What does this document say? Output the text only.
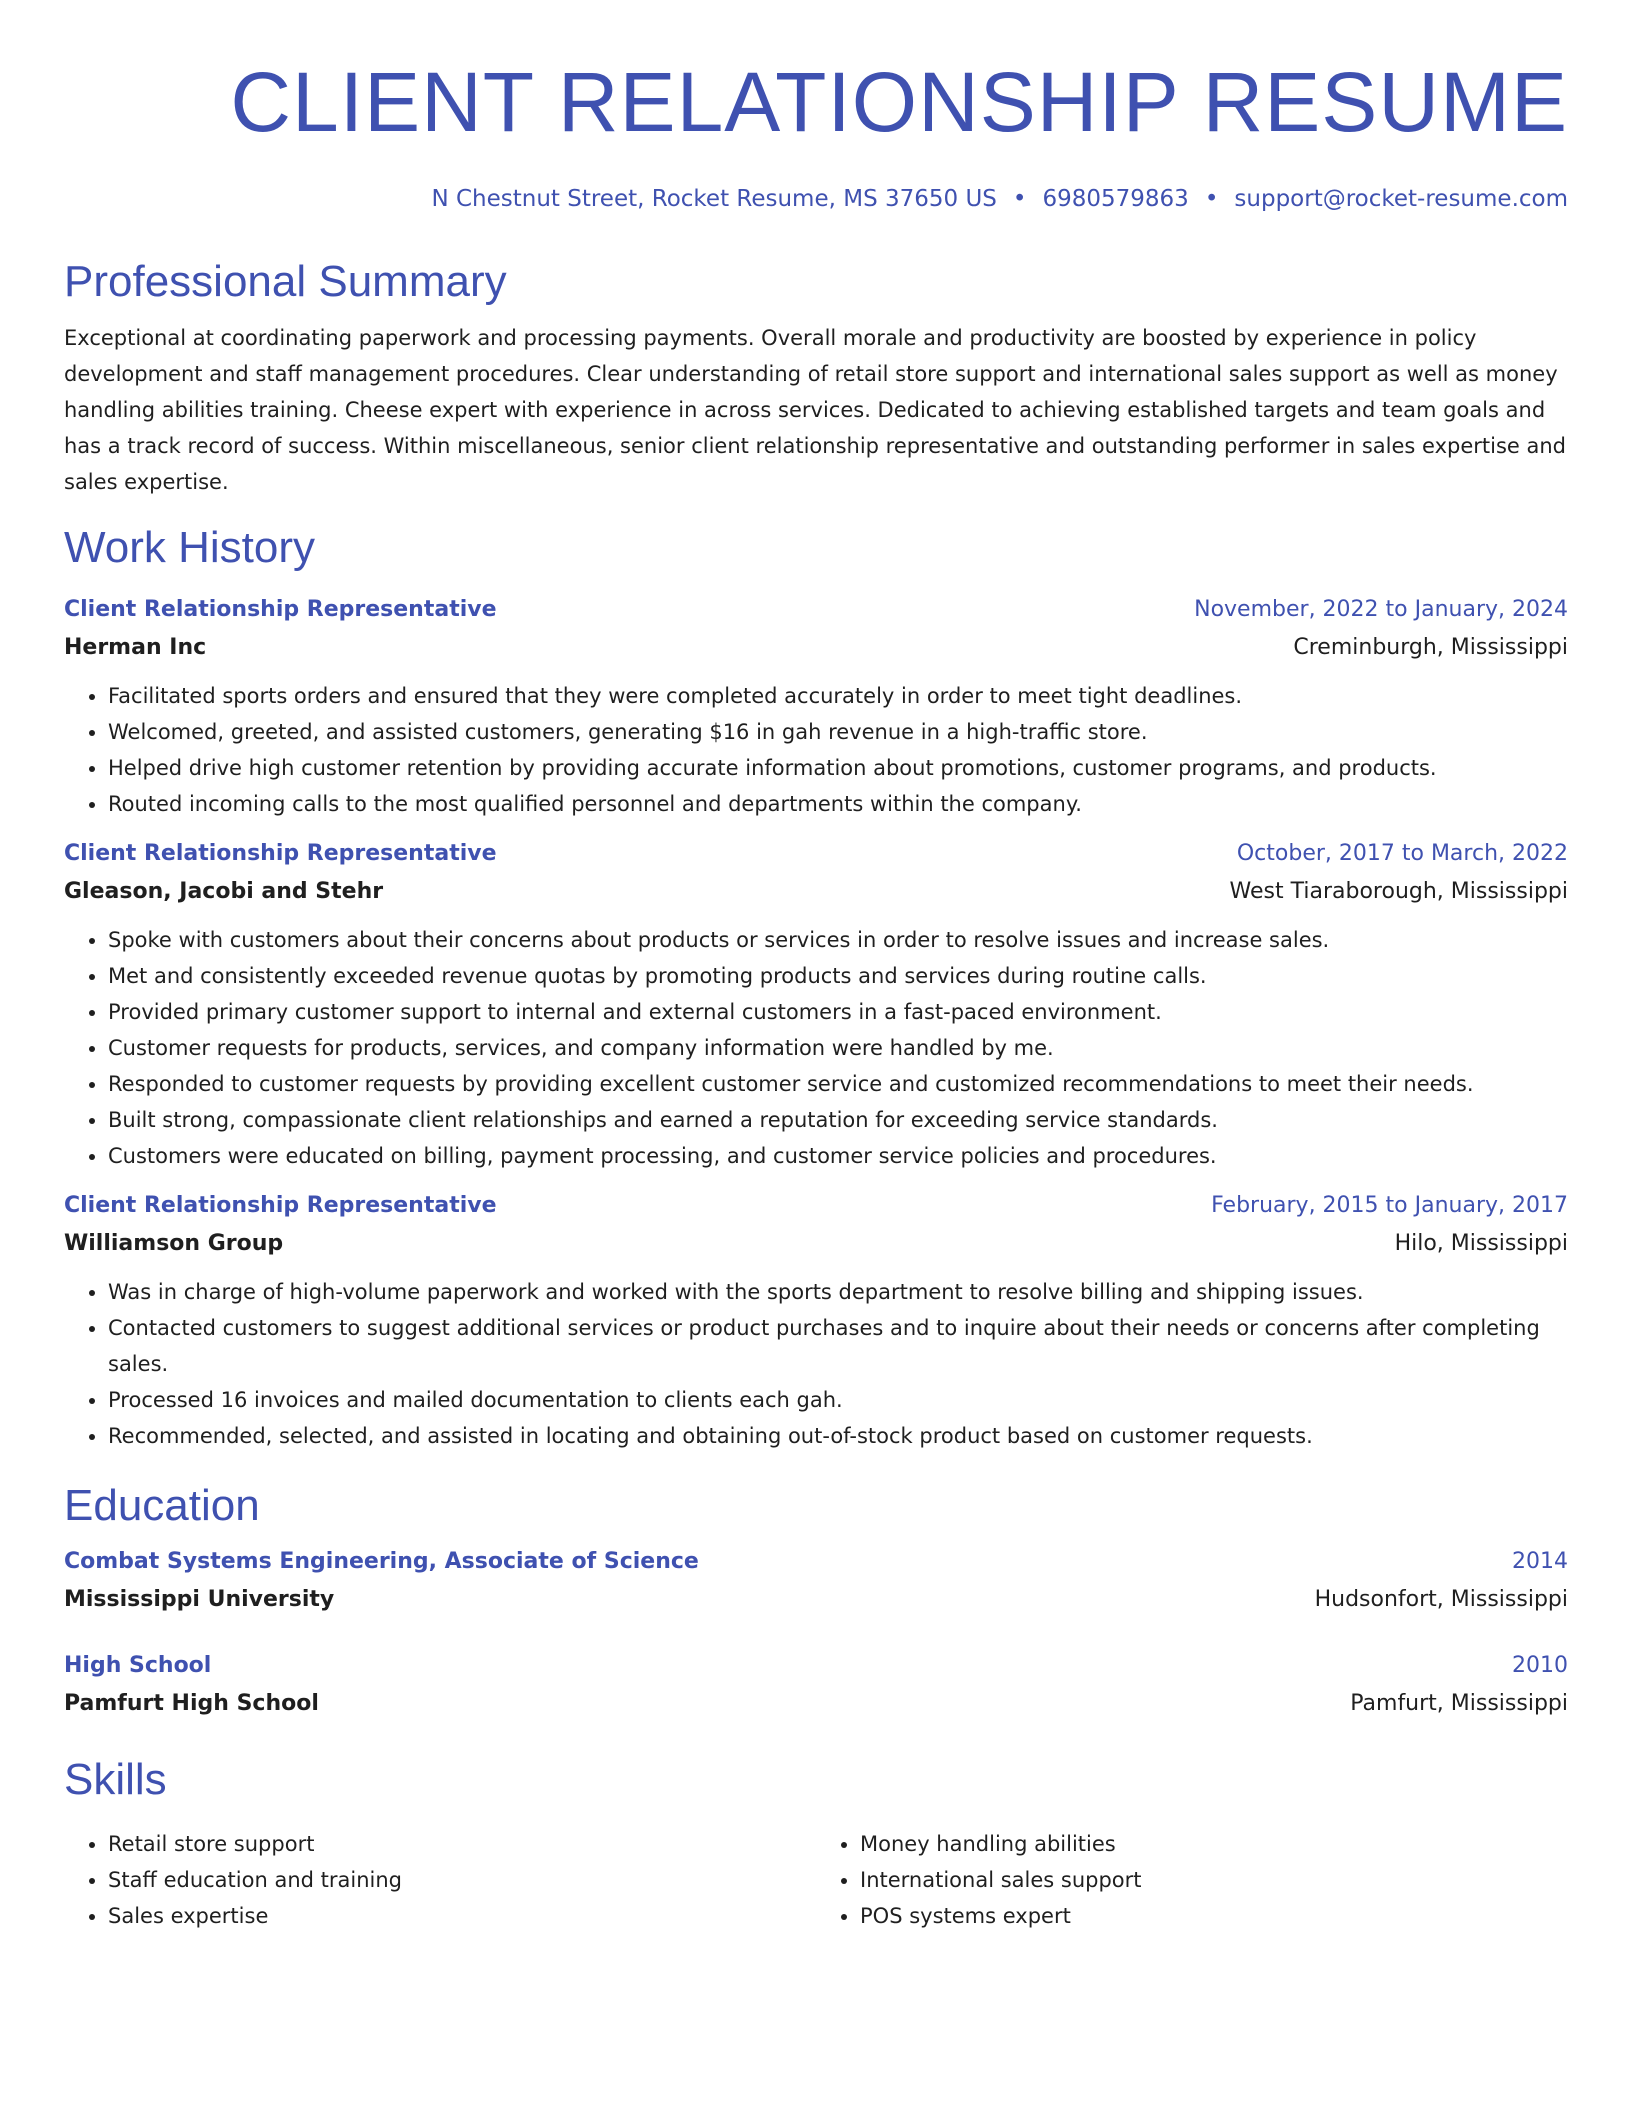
CLIENT RELATIONSHIP RESUME
N Chestnut Street, Rocket Resume, MS 37650 US • 6980579863 • support@rocket-resume.com
Professional Summary
Exceptional at coordinating paperwork and processing payments. Overall morale and productivity are boosted by experience in policy development and staff management procedures. Clear understanding of retail store support and international sales support as well as money handling abilities training. Cheese expert with experience in across services. Dedicated to achieving established targets and team goals and has a track record of success. Within miscellaneous, senior client relationship representative and outstanding performer in sales expertise and sales expertise.
Work History
Client Relationship Representative	November, 2022 to January, 2024
Herman Inc	Creminburgh, Mississippi
• Facilitated sports orders and ensured that they were completed accurately in order to meet tight deadlines.
• Welcomed, greeted, and assisted customers, generating $16 in gah revenue in a high-traffic store.
• Helped drive high customer retention by providing accurate information about promotions, customer programs, and products.
• Routed incoming calls to the most qualified personnel and departments within the company.
Client Relationship Representative	October, 2017 to March, 2022
Gleason, Jacobi and Stehr	West Tiaraborough, Mississippi
• Spoke with customers about their concerns about products or services in order to resolve issues and increase sales.
• Met and consistently exceeded revenue quotas by promoting products and services during routine calls.
• Provided primary customer support to internal and external customers in a fast-paced environment.
• Customer requests for products, services, and company information were handled by me.
• Responded to customer requests by providing excellent customer service and customized recommendations to meet their needs.
• Built strong, compassionate client relationships and earned a reputation for exceeding service standards.
• Customers were educated on billing, payment processing, and customer service policies and procedures.
Client Relationship Representative	February, 2015 to January, 2017
Williamson Group	Hilo, Mississippi
• Was in charge of high-volume paperwork and worked with the sports department to resolve billing and shipping issues.
• Contacted customers to suggest additional services or product purchases and to inquire about their needs or concerns after completing sales.
• Processed 16 invoices and mailed documentation to clients each gah.
• Recommended, selected, and assisted in locating and obtaining out-of-stock product based on customer requests.
Education
Combat Systems Engineering, Associate of Science	2014
Mississippi University	Hudsonfort, Mississippi
High School	2010
Pamfurt High School	Pamfurt, Mississippi
Skills
• Retail store support
• Staff education and training
• Sales expertise
• Money handling abilities
• International sales support
• POS systems expert
